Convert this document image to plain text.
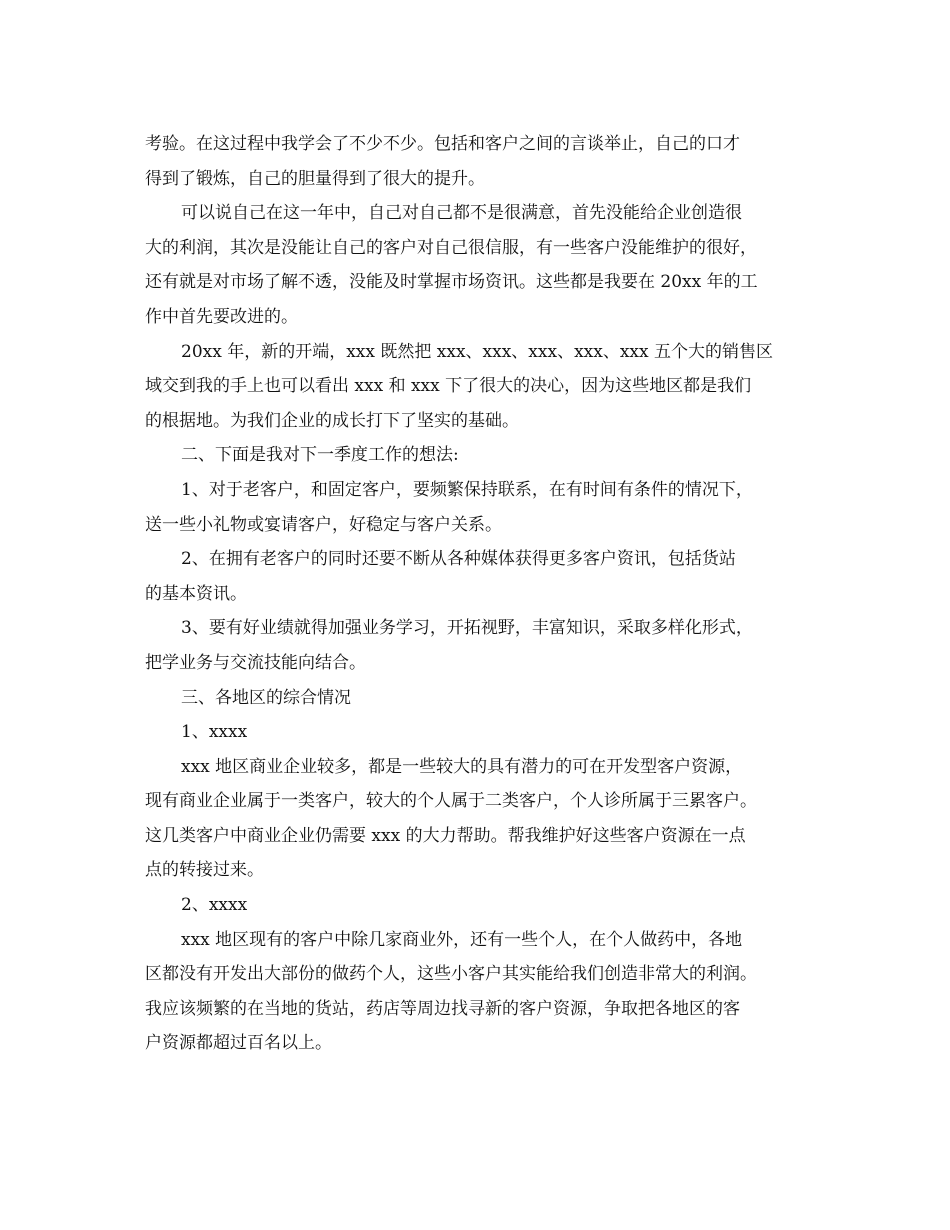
考验。在这过程中我学会了不少不少。包括和客户之间的言谈举止，自己的口才
得到了锻炼，自己的胆量得到了很大的提升。
可以说自己在这一年中，自己对自己都不是很满意，首先没能给企业创造很
大的利润，其次是没能让自己的客户对自己很信服，有一些客户没能维护的很好，
还有就是对市场了解不透，没能及时掌握市场资讯。这些都是我要在 20xx 年的工
作中首先要改进的。
20xx 年，新的开端，xxx 既然把 xxx、xxx、xxx、xxx、xxx 五个大的销售区
域交到我的手上也可以看出 xxx 和 xxx 下了很大的决心，因为这些地区都是我们
的根据地。为我们企业的成长打下了坚实的基础。
二、下面是我对下一季度工作的想法:
1、对于老客户，和固定客户，要频繁保持联系，在有时间有条件的情况下，
送一些小礼物或宴请客户，好稳定与客户关系。
2、在拥有老客户的同时还要不断从各种媒体获得更多客户资讯，包括货站
的基本资讯。
3、要有好业绩就得加强业务学习，开拓视野，丰富知识，采取多样化形式，
把学业务与交流技能向结合。
三、各地区的综合情况
1、xxxx
xxx 地区商业企业较多，都是一些较大的具有潜力的可在开发型客户资源，
现有商业企业属于一类客户，较大的个人属于二类客户，个人诊所属于三累客户。
这几类客户中商业企业仍需要 xxx 的大力帮助。帮我维护好这些客户资源在一点
点的转接过来。
2、xxxx
xxx 地区现有的客户中除几家商业外，还有一些个人，在个人做药中，各地
区都没有开发出大部份的做药个人，这些小客户其实能给我们创造非常大的利润。
我应该频繁的在当地的货站，药店等周边找寻新的客户资源，争取把各地区的客
户资源都超过百名以上。
